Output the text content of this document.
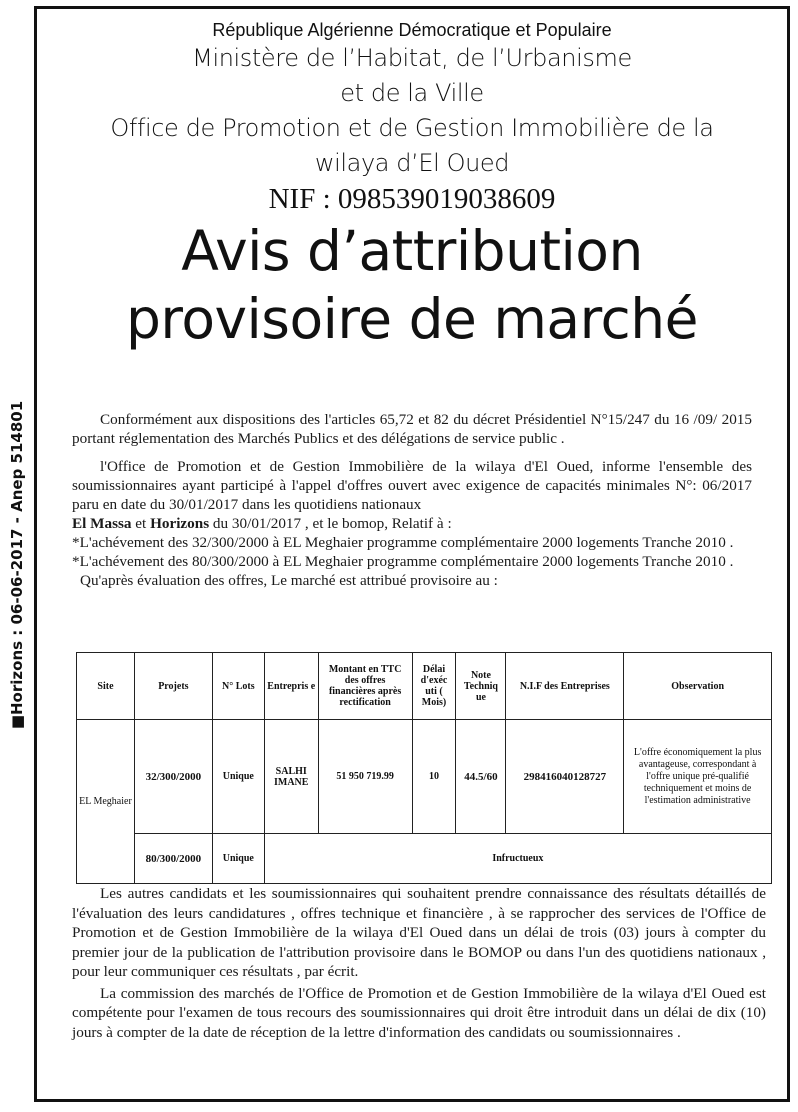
■Horizons : 06-06-2017 - Anep 514801
République Algérienne Démocratique et Populaire
Ministère de l’Habitat, de l’Urbanisme
et de la Ville
Office de Promotion et de Gestion Immobilière de la
wilaya d’El Oued
NIF : 098539019038609
Avis d’attribution
provisoire de marché
Conformément aux dispositions des l'articles 65,72 et 82 du décret Présidentiel N°15/247 du 16 /09/ 2015 portant réglementation des Marchés Publics et des délégations de service public .
l'Office de Promotion et de Gestion Immobilière de la wilaya d'El Oued, informe l'ensemble des soumissionnaires ayant participé à l'appel d'offres ouvert avec exigence de capacités minimales N°: 06/2017 paru en date du 30/01/2017 dans les quotidiens nationaux
El Massa et Horizons du 30/01/2017 , et le bomop, Relatif à :
*L'achévement des 32/300/2000 à EL Meghaier programme complémentaire 2000 logements Tranche 2010 .
*L'achévement des 80/300/2000 à EL Meghaier programme complémentaire 2000 logements Tranche 2010 .
Qu'après évaluation des offres, Le marché est attribué provisoire au :
Site	Projets	N° Lots	Entrepris e	Montant en TTC des offres financières après rectification	Délai d'exéc uti ( Mois)	Note Techniq ue	N.I.F des Entreprises	Observation
EL Meghaier	32/300/2000	Unique	SALHI IMANE	51 950 719.99	10	44.5/60	298416040128727	L'offre économiquement la plus avantageuse, correspondant à l'offre unique pré-qualifié techniquement et moins de l'estimation administrative
	80/300/2000	Unique	Infructueux					
Les autres candidats et les soumissionnaires qui souhaitent prendre connaissance des résultats détaillés de l'évaluation des leurs candidatures , offres technique et financière , à se rapprocher des services de l'Office de Promotion et de Gestion Immobilière de la wilaya d'El Oued dans un délai de trois (03) jours à compter du premier jour de la publication de l'attribution provisoire dans le BOMOP ou dans l'un des quotidiens nationaux , pour leur communiquer ces résultats , par écrit.
La commission des marchés de l'Office de Promotion et de Gestion Immobilière de la wilaya d'El Oued est compétente pour l'examen de tous recours des soumissionnaires qui droit être introduit dans un délai de dix (10) jours à compter de la date de réception de la lettre d'information des candidats ou soumissionnaires .
